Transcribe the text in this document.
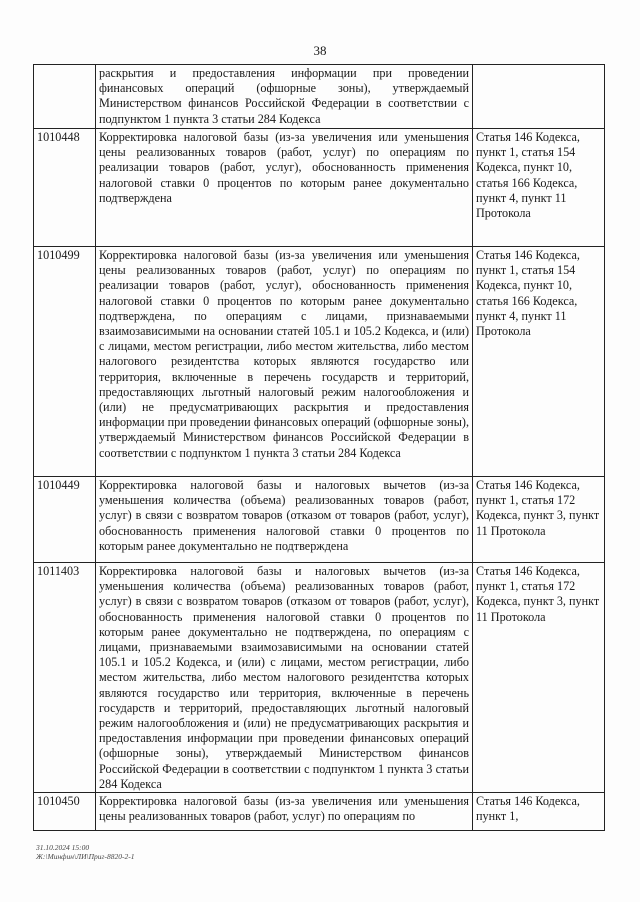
38
	раскрытия и предоставления информации при проведении финансовых операций (офшорные зоны), утверждаемый Министерством финансов Российской Федерации в соответствии с подпунктом 1 пункта 3 статьи 284 Кодекса	
1010448	Корректировка налоговой базы (из-за увеличения или уменьшения цены реализованных товаров (работ, услуг) по операциям по реализации товаров (работ, услуг), обоснованность применения налоговой ставки 0 процентов по которым ранее документально подтверждена	Статья 146 Кодекса, пункт 1, статья 154 Кодекса, пункт 10, статья 166 Кодекса, пункт 4, пункт 11 Протокола
1010499	Корректировка налоговой базы (из-за увеличения или уменьшения цены реализованных товаров (работ, услуг) по операциям по реализации товаров (работ, услуг), обоснованность применения налоговой ставки 0 процентов по которым ранее документально подтверждена, по операциям с лицами, признаваемыми взаимозависимыми на основании статей 105.1 и 105.2 Кодекса, и (или) с лицами, местом регистрации, либо местом жительства, либо местом налогового резидентства которых являются государство или территория, включенные в перечень государств и территорий, предоставляющих льготный налоговый режим налогообложения и (или) не предусматривающих раскрытия и предоставления информации при проведении финансовых операций (офшорные зоны), утверждаемый Министерством финансов Российской Федерации в соответствии с подпунктом 1 пункта 3 статьи 284 Кодекса	Статья 146 Кодекса, пункт 1, статья 154 Кодекса, пункт 10, статья 166 Кодекса, пункт 4, пункт 11 Протокола
1010449	Корректировка налоговой базы и налоговых вычетов (из-за уменьшения количества (объема) реализованных товаров (работ, услуг) в связи с возвратом товаров (отказом от товаров (работ, услуг), обоснованность применения налоговой ставки 0 процентов по которым ранее документально не подтверждена	Статья 146 Кодекса, пункт 1, статья 172 Кодекса, пункт 3, пункт 11 Протокола
1011403	Корректировка налоговой базы и налоговых вычетов (из-за уменьшения количества (объема) реализованных товаров (работ, услуг) в связи с возвратом товаров (отказом от товаров (работ, услуг), обоснованность применения налоговой ставки 0 процентов по которым ранее документально не подтверждена, по операциям с лицами, признаваемыми взаимозависимыми на основании статей 105.1 и 105.2 Кодекса, и (или) с лицами, местом регистрации, либо местом жительства, либо местом налогового резидентства которых являются государство или территория, включенные в перечень государств и территорий, предоставляющих льготный налоговый режим налогообложения и (или) не предусматривающих раскрытия и предоставления информации при проведении финансовых операций (офшорные зоны), утверждаемый Министерством финансов Российской Федерации в соответствии с подпунктом 1 пункта 3 статьи 284 Кодекса	Статья 146 Кодекса, пункт 1, статья 172 Кодекса, пункт 3, пункт 11 Протокола
1010450	Корректировка налоговой базы (из-за увеличения или уменьшения цены реализованных товаров (работ, услуг) по операциям по	Статья 146 Кодекса, пункт 1,
31.10.2024 15:00
Ж:\Минфин\ЛИ\Приг-8820-2-1
